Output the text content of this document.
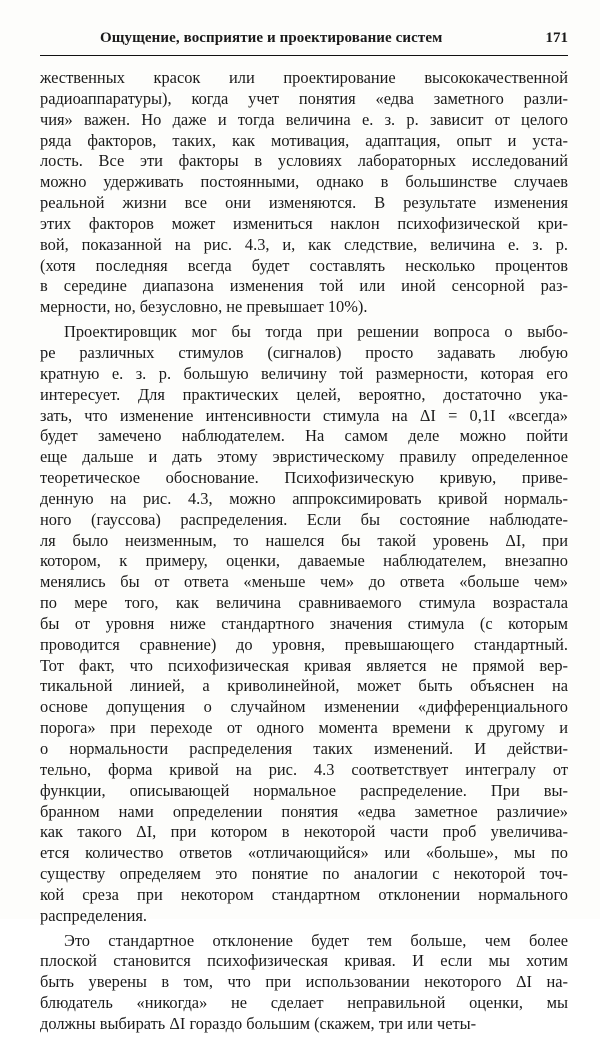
Ощущение, восприятие и проектирование систем	171
жественных красок или проектирование высококачественной
радиоаппаратуры), когда учет понятия «едва заметного разли-
чия» важен. Но даже и тогда величина е. з. р. зависит от целого
ряда факторов, таких, как мотивация, адаптация, опыт и уста-
лость. Все эти факторы в условиях лабораторных исследований
можно удерживать постоянными, однако в большинстве случаев
реальной жизни все они изменяются. В результате изменения
этих факторов может измениться наклон психофизической кри-
вой, показанной на рис. 4.3, и, как следствие, величина е. з. р.
(хотя последняя всегда будет составлять несколько процентов
в середине диапазона изменения той или иной сенсорной раз-
мерности, но, безусловно, не превышает 10%).
Проектировщик мог бы тогда при решении вопроса о выбо-
ре различных стимулов (сигналов) просто задавать любую
кратную е. з. р. большую величину той размерности, которая его
интересует. Для практических целей, вероятно, достаточно ука-
зать, что изменение интенсивности стимула на ΔI = 0,1I «всегда»
будет замечено наблюдателем. На самом деле можно пойти
еще дальше и дать этому эвристическому правилу определенное
теоретическое обоснование. Психофизическую кривую, приве-
денную на рис. 4.3, можно аппроксимировать кривой нормаль-
ного (гауссова) распределения. Если бы состояние наблюдате-
ля было неизменным, то нашелся бы такой уровень ΔI, при
котором, к примеру, оценки, даваемые наблюдателем, внезапно
менялись бы от ответа «меньше чем» до ответа «больше чем»
по мере того, как величина сравниваемого стимула возрастала
бы от уровня ниже стандартного значения стимула (с которым
проводится сравнение) до уровня, превышающего стандартный.
Тот факт, что психофизическая кривая является не прямой вер-
тикальной линией, а криволинейной, может быть объяснен на
основе допущения о случайном изменении «дифференциального
порога» при переходе от одного момента времени к другому и
о нормальности распределения таких изменений. И действи-
тельно, форма кривой на рис. 4.3 соответствует интегралу от
функции, описывающей нормальное распределение. При вы-
бранном нами определении понятия «едва заметное различие»
как такого ΔI, при котором в некоторой части проб увеличива-
ется количество ответов «отличающийся» или «больше», мы по
существу определяем это понятие по аналогии с некоторой точ-
кой среза при некотором стандартном отклонении нормального
распределения.
Это стандартное отклонение будет тем больше, чем более
плоской становится психофизическая кривая. И если мы хотим
быть уверены в том, что при использовании некоторого ΔI на-
блюдатель «никогда» не сделает неправильной оценки, мы
должны выбирать ΔI гораздо большим (скажем, три или четы-
